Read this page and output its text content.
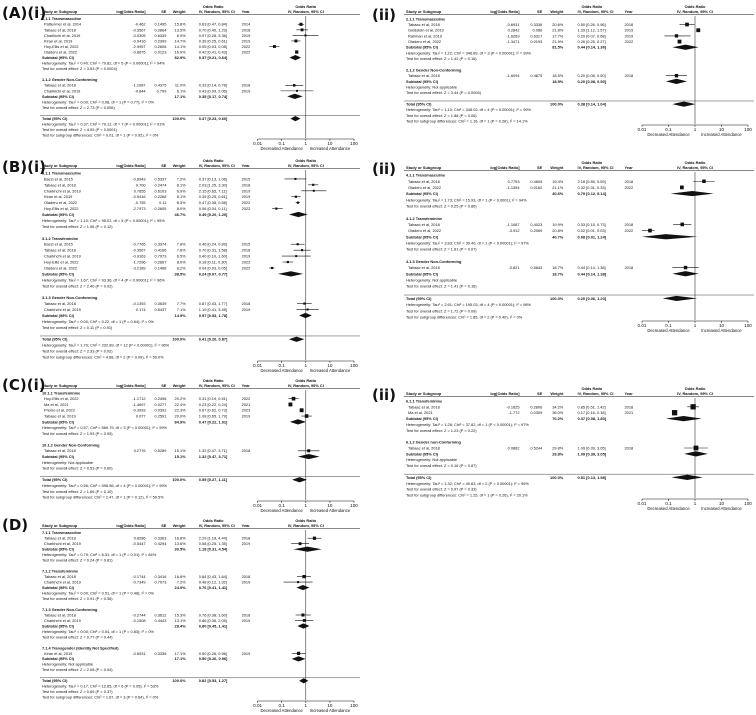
(A)(i)	(ii)
(B)(i)	(ii)
(C)(i)
(ii)
(D)
Odds Ratio	Odds Ratio
Study or Subgroup	log[Odds Ratio]	SE Weight	IV, Random, 95% CI Year	IV, Random, 95% CI
1.1.1 Transmasculine
Pattenmer et al, 2014	-0.462 0.1495 15.8%	0.63 [0.47, 0.84]	2014
Tabaac et al, 2018	-0.3567 0.2864 13.5%	0.70 [0.40, 1.23]	2018
Charlkichi et al, 2019	-0.0305 0.6339	6.9%	0.97 [0.28, 3.36]	2019
Kiran et al, 2019	-0.9416 0.2399 14.7%	0.39 [0.25, 0.61]	2019
Hoy-Ellis et al, 2022	-2.9957 0.2608 14.1%	0.05 [0.03, 0.08]	2022
Oladeru et al, 2022	-0.8675 0.0123 16.9%	0.42 [0.41, 0.43]	2022
Subtotal (95% CI)	82.9%	0.37 [0.21, 0.64]
Heterogeneity: Tau² = 0.40; Chi² = 79.82, df = 5 (P < 0.00001); I² = 94%
Test for overall effect: Z = 3.53 (P = 0.0004)
1.1.2 Gender Non-Conforming
Tabaac et al, 2018	-1.1087 0.4375 11.0%	0.33 [0.14, 0.78]	2018
Charlkichi et al, 2019	-0.844	0.799	6.1%	0.43 [0.09, 2.06]	2019
Subtotal (95% CI)	17.1%	0.35 [0.17, 0.74]
Heterogeneity: Tau² = 0.00; Chi² = 0.08, df = 1 (P = 0.77); I² = 0%
Test for overall effect: Z = 2.73 (P = 0.006)
Total (95% CI)	100.0%	0.37 [0.23, 0.60]
Heterogeneity: Tau² = 0.37; Chi² = 79.12, df = 7 (P < 0.00001); I² = 91%
Test for overall effect: Z = 4.05 (P < 0.0001)
Test for subgroup differences: Chi² = 0.01, df = 1 (P = 0.92), I² = 0%
0.01	0.1	1	10	100
Decreased Attendance Increased Attendance
Odds Ratio	Odds Ratio
Study or Subgroup	log[Odds Ratio]	SE Weight	IV, Random, 95% CI	Year	IV, Random, 95% CI
2.1.1 Transmasculine
Tabaac et al, 2018	-0.6931	0.3336	20.6%	0.50 [0.26, 0.96]	2018
Goldstein et al, 2019	0.2842	0.086	21.8%	1.33 [1.12, 1.57]	2019
Rahman et al, 2019	-1.6269	0.6317	17.7%	0.20 [0.07, 0.68]	2019
Oladeru et al, 2022	-1.3471	0.0193	21.9%	0.26 [0.25, 0.27]	2022
Subtotal (95% CI)	81.5%	0.44 [0.14, 1.36]
Heterogeneity: Tau² = 1.22; Chi² = 346.89, df = 3 (P < 0.00001); I² = 99%
Test for overall effect: Z = 1.42 (P = 0.16)
2.1.2 Gender Non-Conforming
Tabaac et al, 2018	-1.6094	0.4675	18.5%	0.20 [0.08, 0.50]	2018
Subtotal (95% CI)	18.5%	0.20 [0.08, 0.50]
Heterogeneity: Not applicable
Test for overall effect: Z = 3.44 (P = 0.0006)
Total (95% CI)	100.0%	0.38 [0.14, 1.04]
Heterogeneity: Tau² = 1.10; Chi² = 348.02, df = 4 (P < 0.00001); I² = 99%
Test for overall effect: Z = 1.88 (P = 0.06)
Test for subgroup differences: Chi² = 1.16, df = 1 (P = 0.28), I² = 14.1%
0.01	0.1	1	10	100
Decreased Attendance	Increased Attendance
Odds Ratio	Odds Ratio
Study or Subgroup	log[Odds Ratio]	SE Weight	IV, Random, 95% CI Year	IV, Random, 95% CI
3.1.1 Transmasculine
Bazzi et al, 2015	-0.8943 0.5337	7.2%	0.37 [0.13, 1.06]	2015
Tabaac et al, 2018	0.700 0.2474	8.1%	2.03 [1.25, 3.30]	2018
Charkhchi et al, 2019	0.7655 0.6103	6.9%	2.15 [0.65, 7.11]	2019
Kiran et al, 2019	-0.9416 0.2268	8.1%	0.39 [0.25, 0.61]	2019
Oladeru et al, 2022	-0.755	0.11	8.3%	0.47 [0.38, 0.58]	2022
Hoy-Ellis et al, 2022	-2.7973 0.2605	8.0%	0.06 [0.04, 0.11]	2022
Subtotal (95% CI)	46.7%	0.49 [0.20, 1.20]
Heterogeneity: Tau² = 1.10; Chi² = 95.02, df = 5 (P < 0.00001); I² = 95%
Test for overall effect: Z = 1.56 (P = 0.12)
3.1.2 Transfeminine
Bazzi et al, 2015	-0.7765 0.3374	7.8%	0.46 [0.24, 0.89]	2015
Tabaac et al, 2018	-0.3567 0.4166	7.6%	0.70 [0.31, 1.58]	2018
Charkhchi et al, 2019	-0.9163 0.7073	6.5%	0.40 [0.10, 1.60]	2019
Hoy-Ellis et al, 2022	-1.7296 0.2667	8.0%	0.18 [0.11, 0.30]	2022
Oladeru et al, 2022	-3.2189 0.1468	8.2%	0.04 [0.03, 0.05]	2022
Subtotal (95% CI)	38.5%	0.24 [0.07, 0.77]
Heterogeneity: Tau² = 1.67; Chi² = 93.36, df = 4 (P < 0.00001); I² = 96%
Test for overall effect: Z = 2.40 (P = 0.02)
3.1.3 Gender Non-Conforming
Tabaac et al, 2018	-0.1393 0.3639	7.7%	0.87 [0.43, 1.77]	2018
Charkhchi et al, 2019	0.174 0.5437	7.1%	1.19 [0.41, 3.45]	2019
Subtotal (95% CI)	14.9%	0.97 [0.53, 1.78]
Heterogeneity: Tau² = 0.00; Chi² = 0.22, df = 1 (P = 0.64); I² = 0%
Test for overall effect: Z = 0.11 (P = 0.91)
Total (95% CI)	100.0%	0.41 [0.20, 0.87]
Heterogeneity: Tau² = 1.70; Chi² = 232.89, df = 12 (P < 0.00001); I² = 96%
Test for overall effect: Z = 2.33 (P = 0.02)
Test for subgroup differences: Chi² = 4.88, df = 2 (P = 0.09), I² = 59.0%
0.01	0.1	1	10	100
Decreased Attendance Increased Attendance
Odds Ratio	Odds Ratio
Study or Subgroup	log[Odds Ratio]	SE Weight	IV, Random, 95% CI	Year	IV, Random, 95% CI
4.1.1 Transmasculine
Tabaac et al, 2018	0.7793	0.4805	19.4%	2.18 [0.85, 5.59]	2018
Oladeru et al, 2022	-1.1394	0.0162	21.1%	0.32 [0.31, 0.33]	2022
Subtotal (95% CI)	40.6%	0.79 [0.12, 5.14]
Heterogeneity: Tau² = 1.73; Chi² = 15.93, df = 1 (P < 0.0001); I² = 94%
Test for overall effect: Z = 0.25 (P = 0.80)
4.1.2 Transfeminine
Tabaac et al, 2018	-1.1087	0.4023	19.9%	0.33 [0.15, 0.73]	2018
Oladeru et al, 2022	-3.912	0.2069	20.8%	0.02 [0.01, 0.03]	2022
Subtotal (95% CI)	40.7%	0.08 [0.01, 1.24]
Heterogeneity: Tau² = 3.83; Chi² = 39.40, df = 1 (P < 0.00001); I² = 97%
Test for overall effect: Z = 1.81 (P = 0.07)
4.1.3 Gender Non-Conforming
Tabaac et al, 2018	-0.821	0.5843	18.7%	0.44 [0.14, 1.38]	2018
Subtotal (95% CI)	18.7%	0.44 [0.14, 1.38]
Heterogeneity: Not applicable
Test for overall effect: Z = 1.41 (P = 0.16)
Total (95% CI)	100.0%	0.20 [0.06, 1.20]
Heterogeneity: Tau² = 2.61; Chi² = 195.03, df = 4 (P < 0.00001); I² = 98%
Test for overall effect: Z = 1.72 (P = 0.09)
Test for subgroup differences: Chi² = 1.85, df = 2 (P = 0.40), I² = 0%
0.01	0.1	1	10	100
Decreased Attendance	Increased Attendance
Odds Ratio	Odds Ratio
Study or Subgroup	log[Odds Ratio]	SE Weight	IV, Random, 95% CI Year	IV, Random, 95% CI
10.1.1 Transfeminine
Hoy-Ellis et al, 2022	-1.1712 0.2498 20.2%	0.31 [0.19, 0.51]	2022
Ma et al, 2021	-1.4697 0.0277 22.4%	0.23 [0.22, 0.24]	2021
Premo et al, 2023	-0.3933 0.0392 22.3%	0.67 [0.62, 0.73]	2023
Tabaac et al, 2019	0.077 0.2591 20.0%	1.08 [0.65, 1.79]	2019
Subtotal (95% CI)	84.9%	0.47 [0.22, 1.01]
Heterogeneity: Tau² = 0.57; Chi² = 589.79, df = 3 (P < 0.00001); I² = 99%
Test for overall effect: Z = 1.93 (P = 0.05)
10.1.2 Gender Non-Conforming
Tabaac et al, 2018	0.2776 0.5289 15.1%	1.32 [0.47, 3.71]	2018
Subtotal (95% CI)	15.1%	1.32 [0.47, 3.71]
Heterogeneity: Not applicable
Test for overall effect: Z = 0.53 (P = 0.60)
Total (95% CI)	100.0%	0.55 [0.27, 1.11]
Heterogeneity: Tau² = 0.56; Chi² = 596.56, df = 4 (P < 0.00001); I² = 99%
Test for overall effect: Z = 1.66 (P = 0.10)
Test for subgroup differences: Chi² = 2.47, df = 1 (P = 0.12), I² = 59.5%
0.01	0.1	1	10	100
Decreased Attendance Increased Attendance
Odds Ratio	Odds Ratio
Study or Subgroup	log[Odds Ratio]	SE Weight	IV, Random, 95% CI	Year	IV, Random, 95% CI
6.1.1 Transfeminine
Tabaac et al, 2018	-0.1625	0.2806	34.2%	0.85 [0.51, 1.42]	2018
Ma et al, 2021	-1.772	0.0309	36.0%	0.17 [0.16, 0.18]	2021
Subtotal (95% CI)	70.2%	0.37 [0.08, 1.80]
Heterogeneity: Tau² = 1.28; Chi² = 37.82, df = 1 (P < 0.00001); I² = 97%
Test for overall effect: Z = 1.23 (P = 0.22)
6.1.2 Gender non-Conforming
Tabaac et al, 2018	0.0862	0.5244	29.8%	1.09 [0.39, 3.05]	2018
Subtotal (95% CI)	29.8%	1.09 [0.39, 3.05]
Heterogeneity: Not applicable
Test for overall effect: Z = 0.16 (P = 0.87)
Total (95% CI)	100.0%	0.51 [0.13, 1.98]
Heterogeneity: Tau² = 1.32; Chi² = 49.63, df = 2 (P < 0.00001); I² = 96%
Test for overall effect: Z = 0.97 (P = 0.33)
Test for subgroup differences: Chi² = 1.25, df = 1 (P = 0.26), I² = 20.1%
0.01	0.1	1	10	100
Decreased Attendance	Increased Attendance
Odds Ratio	Odds Ratio
Study or Subgroup	log[Odds Ratio]	SE Weight	IV, Random, 95% CI Year	IV, Random, 95% CI
7.1.1 Transmasculine
Tabaac et al, 2018	0.8286 0.3363 16.8%	2.29 [1.18, 4.44]	2018
Charkhchi et al, 2019	-0.5447 0.4294 13.6%	0.58 [0.25, 1.35]	2019
Subtotal (95% CI)	30.5%	1.18 [0.31, 4.54]
Heterogeneity: Tau² = 0.79; Chi² = 6.31, df = 1 (P = 0.01); I² = 84%
Test for overall effect: Z = 0.24 (P = 0.81)
7.1.2 Transfeminine
Tabaac et al, 2018	-0.1744 0.3416 16.8%	0.84 [0.43, 1.64]	2018
Charkhchi et al, 2019	-0.7349 0.7073	7.2%	0.48 [0.12, 1.92]	2019
Subtotal (95% CI)	24.0%	0.76 [0.41, 1.41]
Heterogeneity: Tau² = 0.00; Chi² = 0.51, df = 1 (P = 0.48); I² = 0%
Test for overall effect: Z = 0.91 (P = 0.36)
7.1.3 Gender Non-Conforming
Tabaac et al, 2018	-0.2744 0.3612 15.3%	0.76 [0.38, 1.60]	2018
Charkhchi et al, 2019	-0.1508 0.4443 13.1%	0.86 [0.36, 2.05]	2019
Subtotal (95% CI)	28.4%	0.80 [0.45, 1.41]
Heterogeneity: Tau² = 0.00; Chi² = 0.04, df = 1 (P = 0.83); I² = 0%
Test for overall effect: Z = 0.77 (P = 0.44)
7.1.4 Transgender (Identity Not Specified)
Kiran et al, 2019	-0.6931 0.3336 17.1%	0.50 [0.26, 0.96]	2019
Subtotal (95% CI)	17.1%	0.50 [0.26, 0.96]
Heterogeneity: Not applicable
Test for overall effect: Z = 2.08 (P = 0.04)
Total (95% CI)	100.0%	0.82 [0.53, 1.27]
Heterogeneity: Tau² = 0.17; Chi² = 12.65, df = 6 (P = 0.05); I² = 53%
Test for overall effect: Z = 0.89 (P = 0.37)
Test for subgroup differences: Chi² = 1.67, df = 3 (P = 0.64), I² = 0%
0.01	0.1	1	10	100
Decreased Attendance Increased Attendance
